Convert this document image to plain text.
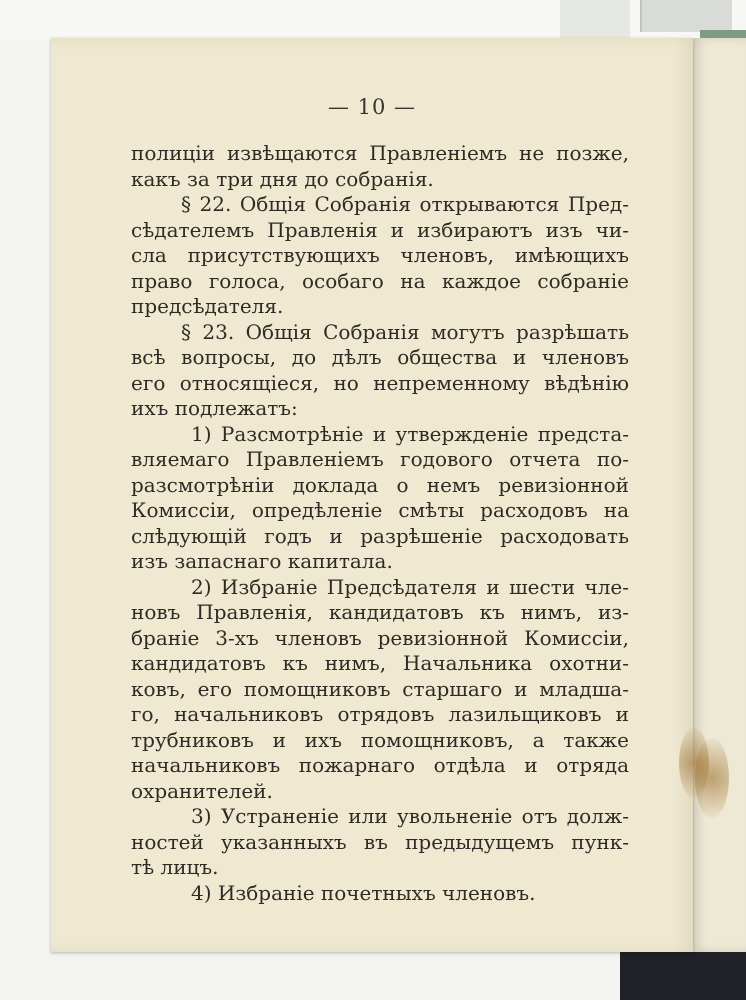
— 10 —
полиціи извѣщаются Правленіемъ не позже,
какъ за три дня до собранія.
§ 22. Общія Собранія открываются Пред-
сѣдателемъ Правленія и избираютъ изъ чи-
сла присутствующихъ членовъ, имѣющихъ
право голоса, особаго на каждое собраніе
предсѣдателя.
§ 23. Общія Собранія могутъ разрѣшать
всѣ вопросы, до дѣлъ общества и членовъ
его относящіеся, но непременному вѣдѣнію
ихъ подлежатъ:
1) Разсмотрѣніе и утвержденіе предста-
вляемаго Правленіемъ годового отчета по-
разсмотрѣніи доклада о немъ ревизіонной
Комиссіи, опредѣленіе смѣты расходовъ на
слѣдующій годъ и разрѣшеніе расходовать
изъ запаснаго капитала.
2) Избраніе Предсѣдателя и шести чле-
новъ Правленія, кандидатовъ къ нимъ, из-
браніе 3-хъ членовъ ревизіонной Комиссіи,
кандидатовъ къ нимъ, Начальника охотни-
ковъ, его помощниковъ старшаго и младша-
го, начальниковъ отрядовъ лазильщиковъ и
трубниковъ и ихъ помощниковъ, а также
начальниковъ пожарнаго отдѣла и отряда
охранителей.
3) Устраненіе или увольненіе отъ долж-
ностей указанныхъ въ предыдущемъ пунк-
тѣ лицъ.
4) Избраніе почетныхъ членовъ.
